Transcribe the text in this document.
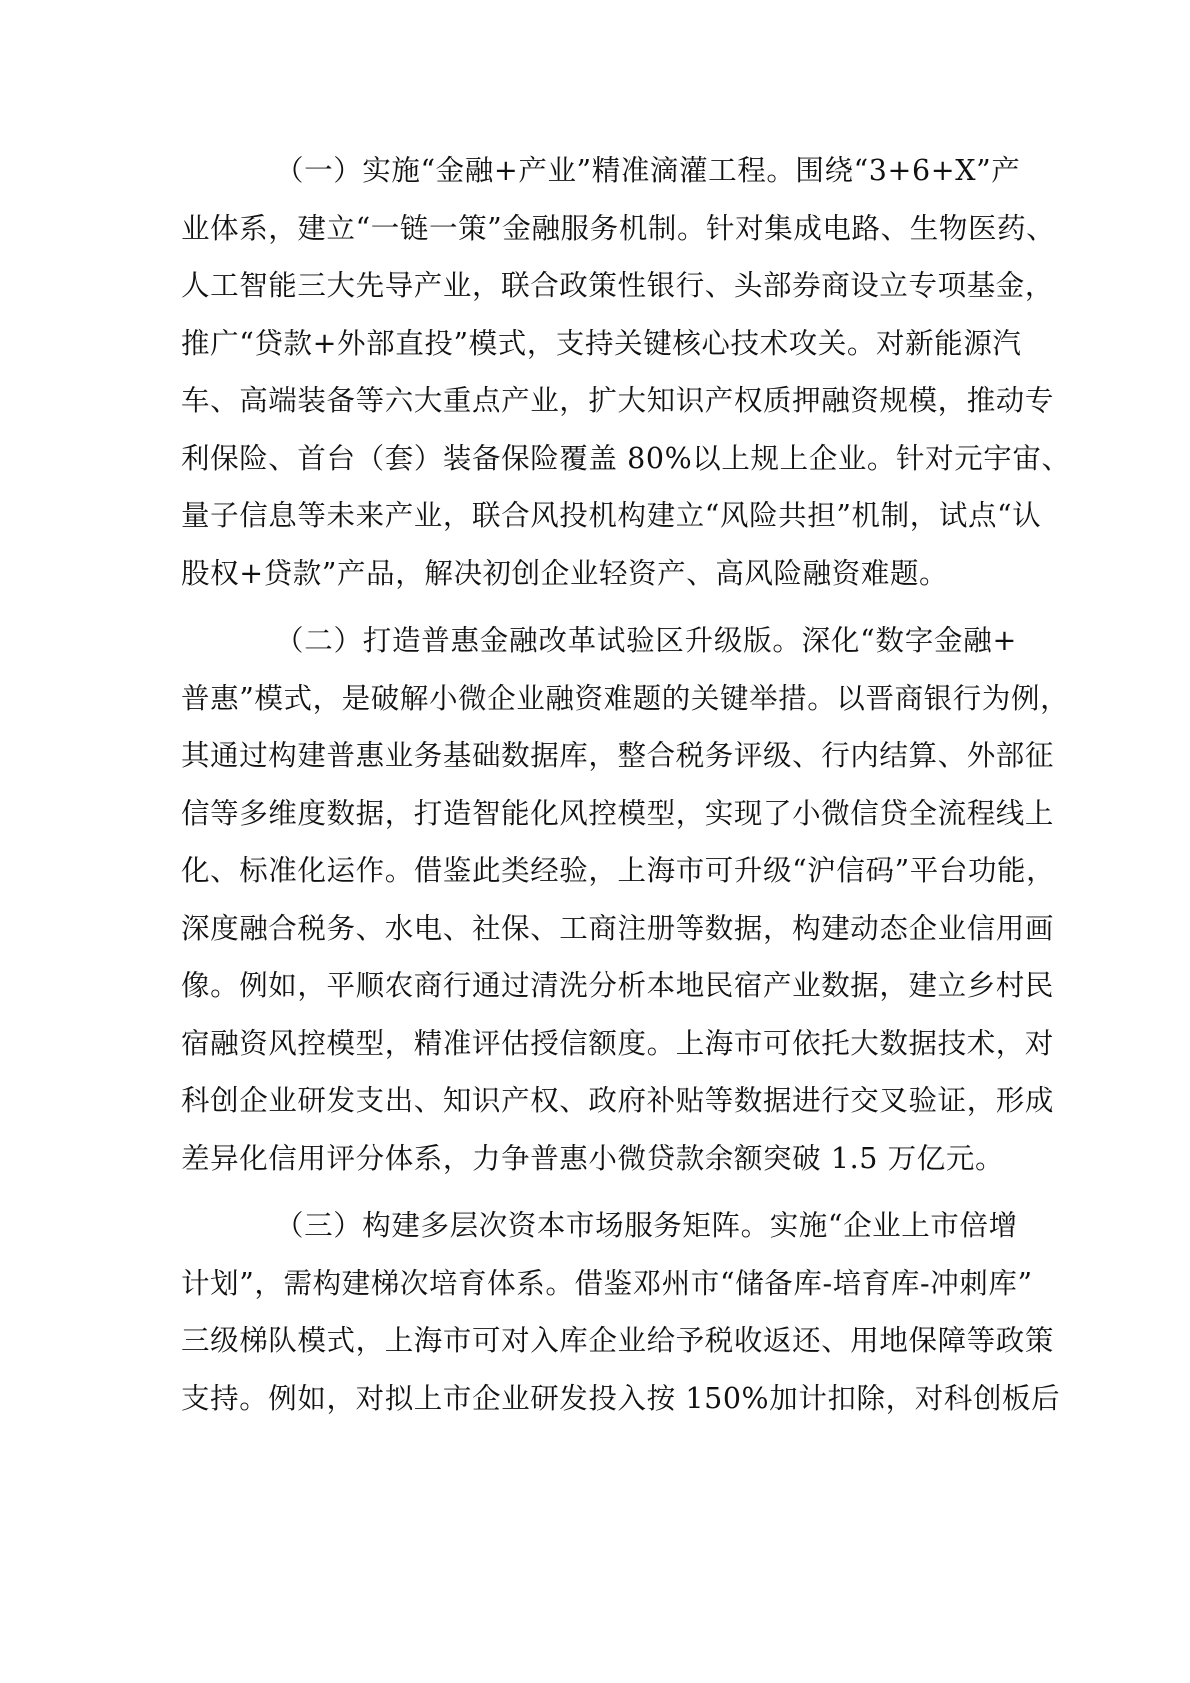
（一）实施“金融+产业”精准滴灌工程。围绕“3+6+X”产
业体系，建立“一链一策”金融服务机制。针对集成电路、生物医药、
人工智能三大先导产业，联合政策性银行、头部券商设立专项基金，
推广“贷款+外部直投”模式，支持关键核心技术攻关。对新能源汽
车、高端装备等六大重点产业，扩大知识产权质押融资规模，推动专
利保险、首台（套）装备保险覆盖 80%以上规上企业。针对元宇宙、
量子信息等未来产业，联合风投机构建立“风险共担”机制，试点“认
股权+贷款”产品，解决初创企业轻资产、高风险融资难题。
（二）打造普惠金融改革试验区升级版。深化“数字金融+
普惠”模式，是破解小微企业融资难题的关键举措。以晋商银行为例，
其通过构建普惠业务基础数据库，整合税务评级、行内结算、外部征
信等多维度数据，打造智能化风控模型，实现了小微信贷全流程线上
化、标准化运作。借鉴此类经验，上海市可升级“沪信码”平台功能，
深度融合税务、水电、社保、工商注册等数据，构建动态企业信用画
像。例如，平顺农商行通过清洗分析本地民宿产业数据，建立乡村民
宿融资风控模型，精准评估授信额度。上海市可依托大数据技术，对
科创企业研发支出、知识产权、政府补贴等数据进行交叉验证，形成
差异化信用评分体系，力争普惠小微贷款余额突破 1.5 万亿元。
（三）构建多层次资本市场服务矩阵。实施“企业上市倍增
计划”，需构建梯次培育体系。借鉴邓州市“储备库-培育库-冲刺库”
三级梯队模式，上海市可对入库企业给予税收返还、用地保障等政策
支持。例如，对拟上市企业研发投入按 150%加计扣除，对科创板后
